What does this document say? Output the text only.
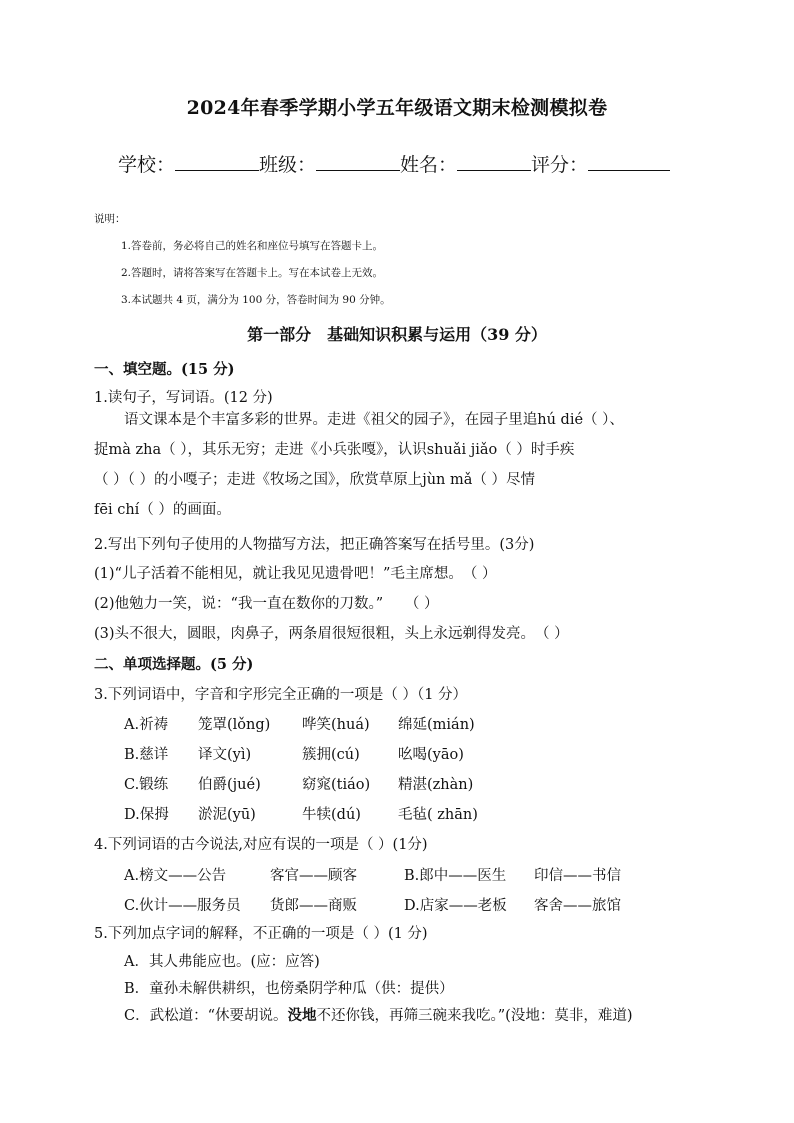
2024年春季学期小学五年级语文期末检测模拟卷
学校：	班级：	姓名：	评分：
说明：
1.答卷前，务必将自己的姓名和座位号填写在答题卡上。
2.答题时，请将答案写在答题卡上。写在本试卷上无效。
3.本试题共 4 页，满分为 100 分，答卷时间为 90 分钟。
第一部分　基础知识积累与运用（39 分）
一、填空题。(15 分)
1.读句子，写词语。(12 分)
语文课本是个丰富多彩的世界。走进《祖父的园子》，在园子里追hú dié（ ）、
捉mà zha（ ），其乐无穷；走进《小兵张嘎》，认识shuǎi jiǎo（ ）时手疾
（ ）（ ）的小嘎子；走进《牧场之国》，欣赏草原上jùn mǎ（ ）尽情
fēi chí（ ）的画面。
2.写出下列句子使用的人物描写方法，把正确答案写在括号里。(3分)
(1)“儿子活着不能相见，就让我见见遗骨吧！”毛主席想。　（ ）
(2)他勉力一笑，说：“我一直在数你的刀数。”　　（ ）
(3)头不很大，圆眼，肉鼻子，两条眉很短很粗，头上永远剃得发亮。　（ ）
二、单项选择题。(5 分)
3.下列词语中，字音和字形完全正确的一项是（ ）（1 分）
A.祈祷 笼罩(lǒng) 哗笑(huá) 绵延(mián)
B.慈详 译文(yì)	簇拥(cú)	吆喝(yāo)
C.锻练 伯爵(jué)	窈窕(tiáo) 精湛(zhàn)
D.保拇 淤泥(yū)	牛犊(dú)	毛毡( zhān)
4.下列词语的古今说法,对应有误的一项是（ ）(1分)
A.榜文——公告	客官——顾客	B.郎中——医生 印信——书信
C.伙计——服务员 货郎——商贩	D.店家——老板 客舍——旅馆
5.下列加点字词的解释，不正确的一项是（ ）(1 分)
A．其人弗能应也。(应：应答)
B．童孙未解供耕织，也傍桑阴学种瓜（供：提供）
C．武松道：“休要胡说。没地不还你钱，再筛三碗来我吃。”(没地：莫非，难道)
